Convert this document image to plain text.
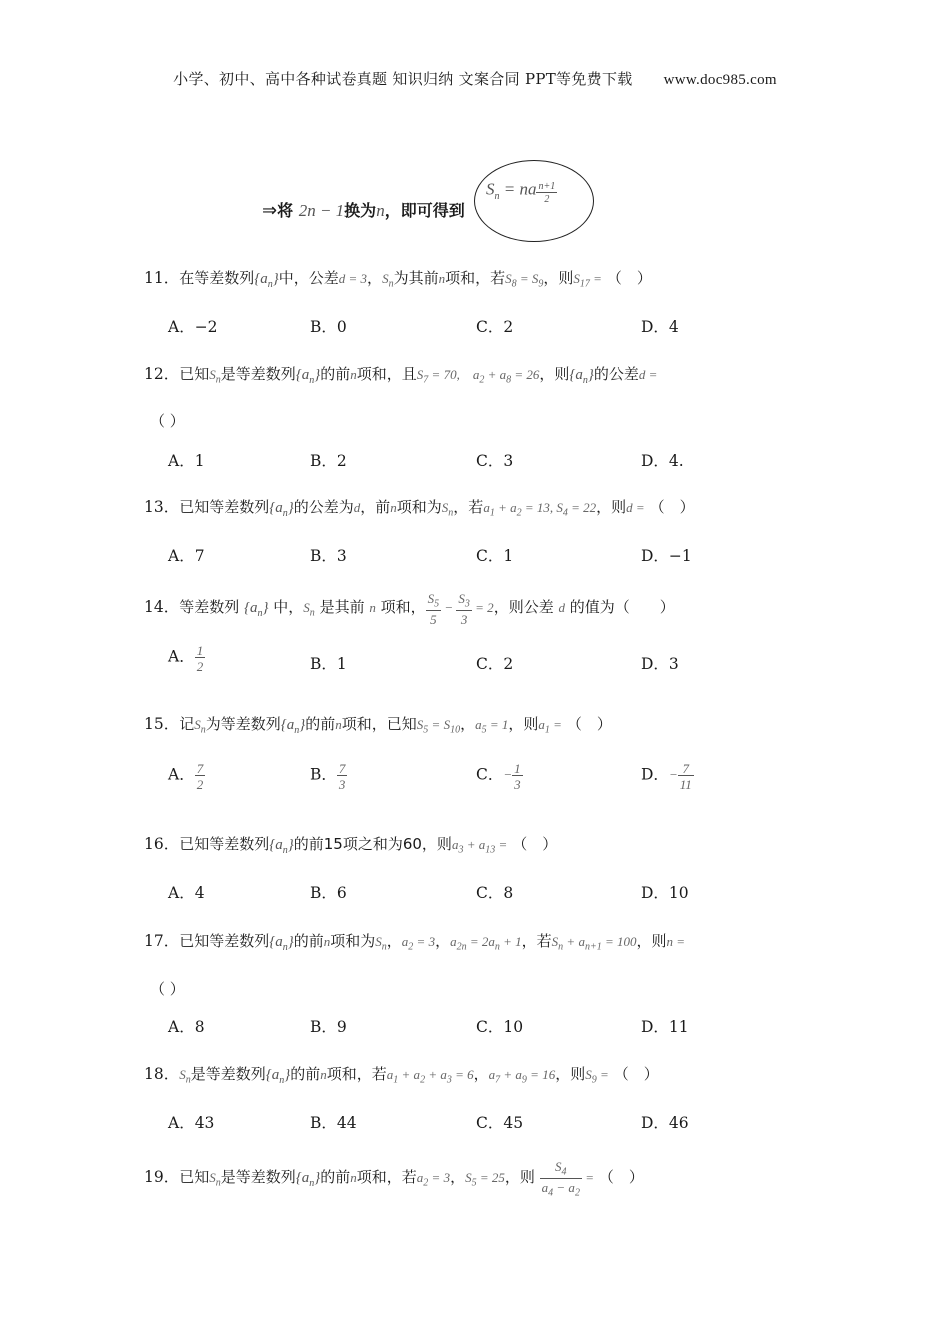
小学、初中、高中各种试卷真题 知识归纳 文案合同 PPT等免费下载 www.doc985.com
⇒将 2n − 1换为n，即可得到
$S_n$ = na $\frac{n+1}{2}$
11．在等差数列$\{a_n\}$中，公差d = 3，$S_n$为其前n项和，若$S_8 = S_9$，则$S_{17}$ = （　）
A．−2	B．0	C．2	D．4
12．已知$S_n$是等差数列$\{a_n\}$的前n项和，且$S_7 = 70$,　$a_2 + a_8 = 26$，则$\{a_n\}$的公差d =
（ ）
A．1	B．2	C．3	D．4.
13．已知等差数列$\{a_n\}$的公差为d，前n项和为$S_n$，若$a_1 + a_2 = 13$, $S_4 = 22$，则d = （　）
A．7	B．3	C．1	D．−1
14．等差数列 $\{a_n\}$ 中，$S_n$ 是其前 n 项和， $\frac{S_5}{5} - \frac{S_3}{3} = 2$，则公差 d 的值为（　　）
A． $\frac{1}{2}$	B．1	C．2	D．3
15．记$S_n$为等差数列$\{a_n\}$的前n项和，已知$S_5 = S_{10}$，$a_5 = 1$，则$a_1$ = （　）
A． $\frac{7}{2}$	B． $\frac{7}{3}$	C．− $\frac{1}{3}$	D．− $\frac{7}{11}$
16．已知等差数列$\{a_n\}$的前15项之和为60，则$a_3 + a_{13}$ = （　）
A．4	B．6	C．8	D．10
17．已知等差数列$\{a_n\}$的前n项和为$S_n$，$a_2 = 3$，$a_{2n} = 2a_n + 1$，若$S_n + a_{n+1} = 100$，则n =
（ ）
A．8	B．9	C．10	D．11
18．$S_n$是等差数列$\{a_n\}$的前n项和，若$a_1 + a_2 + a_3 = 6$，$a_7 + a_9 = 16$，则$S_9$ = （　）
A．43	B．44	C．45	D．46
19．已知$S_n$是等差数列$\{a_n\}$的前n项和，若$a_2 = 3$，$S_5 = 25$，则 $\frac{S_4}{a_4 - a_2}$ = （　）
